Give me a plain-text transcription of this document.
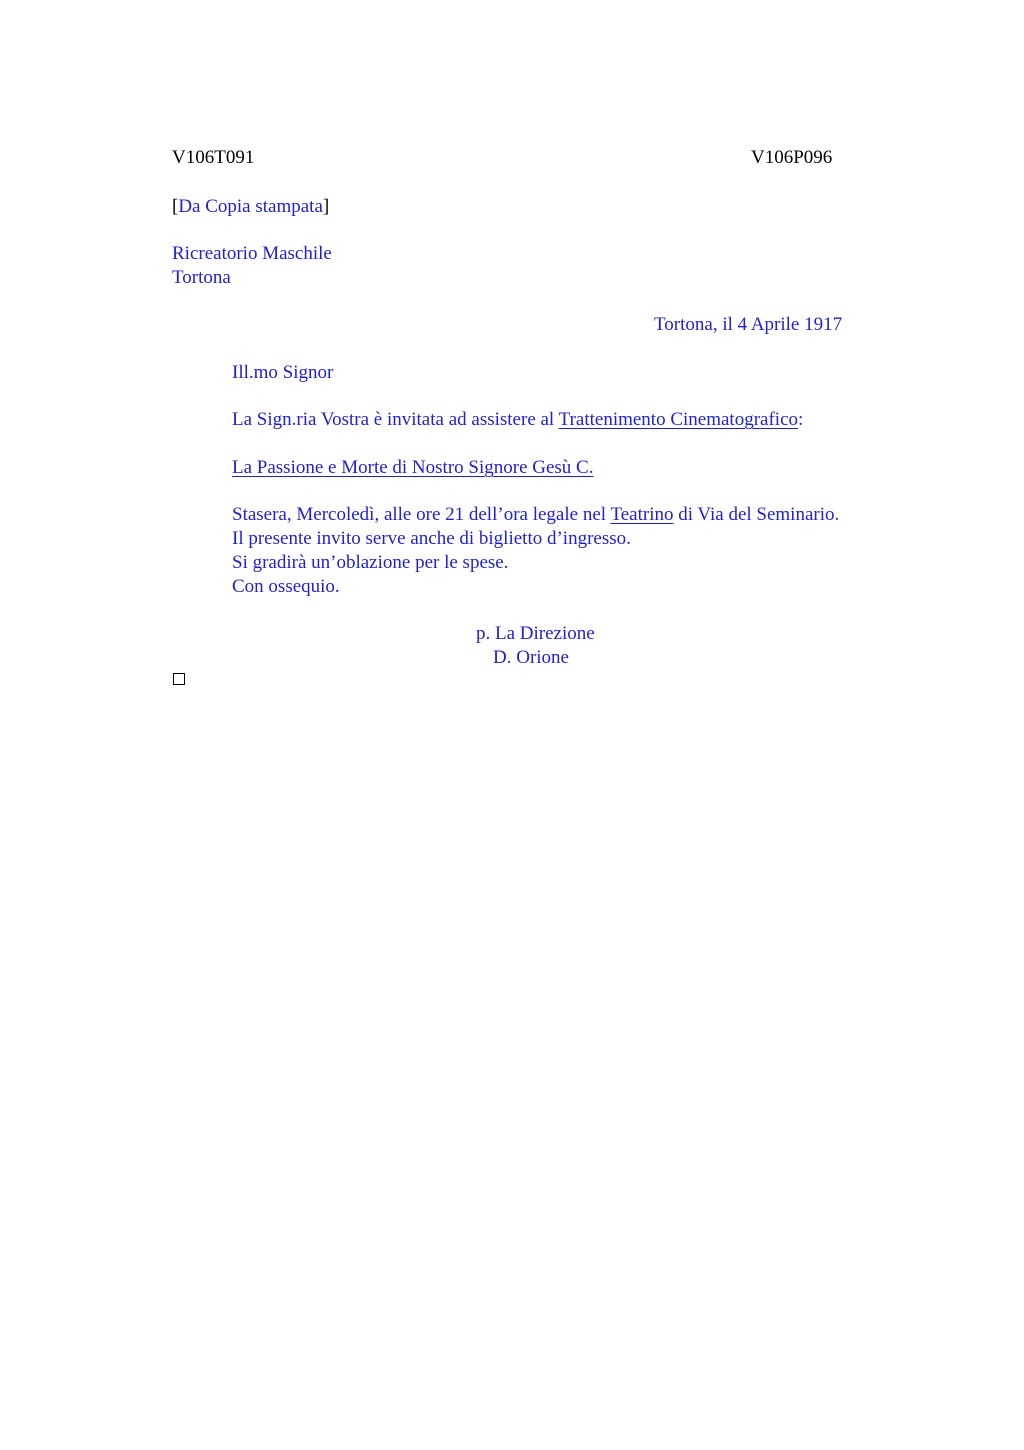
V106T091	V106P096
[Da Copia stampata]
Ricreatorio Maschile
Tortona
Tortona, il 4 Aprile 1917
Ill.mo Signor
La Sign.ria Vostra è invitata ad assistere al Trattenimento Cinematografico:
La Passione e Morte di Nostro Signore Gesù C.
Stasera, Mercoledì, alle ore 21 dell’ora legale nel Teatrino di Via del Seminario.
Il presente invito serve anche di biglietto d’ingresso.
Si gradirà un’oblazione per le spese.
Con ossequio.
p. La Direzione
D. Orione
